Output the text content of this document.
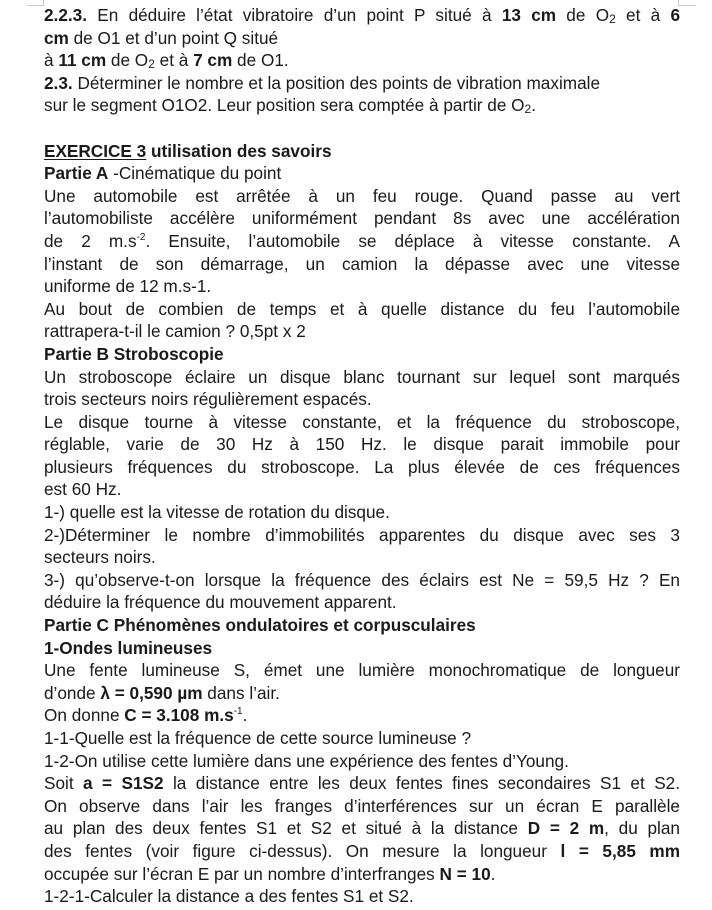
2.2.3. En déduire l’état vibratoire d’un point P situé à 13 cm de $O_2$ et à 6
cm de O1 et d’un point Q situé
à 11 cm de $O_2$ et à 7 cm de O1.
2.3. Déterminer le nombre et la position des points de vibration maximale
sur le segment O1O2. Leur position sera comptée à partir de $O_2$.
EXERCICE 3 utilisation des savoirs
Partie A -Cinématique du point
Une automobile est arrêtée à un feu rouge. Quand passe au vert
l’automobiliste accélère uniformément pendant 8s avec une accélération
de 2 $m.s^{-2}$. Ensuite, l’automobile se déplace à vitesse constante. A
l’instant de son démarrage, un camion la dépasse avec une vitesse
uniforme de 12 m.s-1.
Au bout de combien de temps et à quelle distance du feu l’automobile
rattrapera-t-il le camion ? 0,5pt x 2
Partie B Stroboscopie
Un stroboscope éclaire un disque blanc tournant sur lequel sont marqués
trois secteurs noirs régulièrement espacés.
Le disque tourne à vitesse constante, et la fréquence du stroboscope,
réglable, varie de 30 Hz à 150 Hz. le disque parait immobile pour
plusieurs fréquences du stroboscope. La plus élevée de ces fréquences
est 60 Hz.
1-) quelle est la vitesse de rotation du disque.
2-)Déterminer le nombre d’immobilités apparentes du disque avec ses 3
secteurs noirs.
3-) qu’observe-t-on lorsque la fréquence des éclairs est Ne = 59,5 Hz ? En
déduire la fréquence du mouvement apparent.
Partie C Phénomènes ondulatoires et corpusculaires
1-Ondes lumineuses
Une fente lumineuse S, émet une lumière monochromatique de longueur
d’onde λ = 0,590 µm dans l’air.
On donne C = 3.108 $m.s^{-1}$.
1-1-Quelle est la fréquence de cette source lumineuse ?
1-2-On utilise cette lumière dans une expérience des fentes d’Young.
Soit a = S1S2 la distance entre les deux fentes fines secondaires S1 et S2.
On observe dans l’air les franges d’interférences sur un écran E parallèle
au plan des deux fentes S1 et S2 et situé à la distance D = 2 m, du plan
des fentes (voir figure ci-dessus). On mesure la longueur l = 5,85 mm
occupée sur l’écran E par un nombre d’interfranges N = 10.
1-2-1-Calculer la distance a des fentes S1 et S2.
